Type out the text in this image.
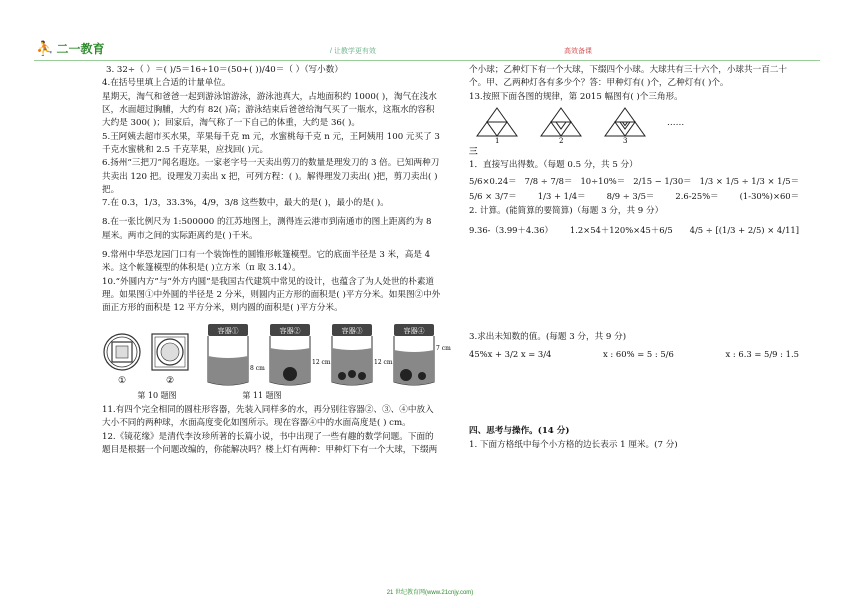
⛹ 二一教育	/ 让教学更有效	高效备课

3. 32÷（ ）＝( )/5＝16÷10＝(50+( ))/40＝（ ）（写小数）

4.在括号里填上合适的计量单位。

星期天，淘气和爸爸一起到游泳馆游泳，游泳池真大，占地面积约 1000( )，淘气在浅水区，水面超过胸脯，大约有 82( )高；游泳结束后爸爸给淘气买了一瓶水，这瓶水的容积大约是 300( )；回家后，淘气称了一下自己的体重，大约是 36( )。

5.王阿姨去超市买水果，苹果每千克 m 元，水蜜桃每千克 n 元，王阿姨用 100 元买了 3 千克水蜜桃和 2.5 千克苹果，应找回( )元。

6.扬州“三把刀”闻名遐迩。一家老字号一天卖出剪刀的数量是理发刀的 3 倍。已知两种刀共卖出 120 把。设理发刀卖出 x 把，可列方程：( )。解得理发刀卖出( )把，剪刀卖出( )把。

7.在 0.3，1/3，33.3%，4/9，3/8 这些数中，最大的是( )，最小的是( )。

8.在一张比例尺为 1:500000 的江苏地图上，测得连云港市到南通市的图上距离约为 8 厘米。两市之间的实际距离约是( )千米。

9.常州中华恐龙园门口有一个装饰性的圆锥形帐篷模型。它的底面半径是 3 米，高是 4 米。这个帐篷模型的体积是( )立方米（π 取 3.14）。

10.“外圆内方”与“外方内圆”是我国古代建筑中常见的设计，也蕴含了为人处世的朴素道理。如果图①中外圆的半径是 2 分米，则圆内正方形的面积是( )平方分米。如果图②中外面正方形的面积是 12 平方分米，则内圆的面积是( )平方分米。

①	②
容器①
8 cm
容器②
12 cm
容器③
12 cm
容器④
7 cm
第 10 题图	第 11 题图

11.有四个完全相同的圆柱形容器，先装入同样多的水，再分别往容器②、③、④中放入大小不同的两种球，水面高度变化如图所示。现在容器④中的水面高度是( ) cm。

12.《镜花缘》是清代李汝珍所著的长篇小说，书中出现了一些有趣的数学问题。下面的题目是根据一个问题改编的，你能解决吗？楼上灯有两种：甲种灯下有一个大球，下缀两

个小球；乙种灯下有一个大球，下缀四个小球。大球共有三十六个，小球共一百二十个。甲、乙两种灯各有多少个？答：甲种灯有( )个，乙种灯有( )个。

13.按照下面各图的规律，第 2015 幅图有( )个三角形。

1	2	3
……

三

1．直接写出得数。（每题 0.5 分，共 5 分）

5/6×0.24＝ 7/8 ÷ 7/8＝ 10÷10%＝ 2/15 − 1/30＝ 1/3 × 1/5 ÷ 1/3 × 1/5＝
5/6 × 3/7＝	1/3 + 1/4＝	8/9 ÷ 3/5＝	2.6-25%＝	(1-30%)×60＝

2. 计算。(能简算的要简算)（每题 3 分，共 9 分）

9.36-（3.99＋4.36） 1.2×54＋120%×45＋6/5 4/5 ÷ [(1/3 + 2/5) × 4/11]

3.求出未知数的值。(每题 3 分，共 9 分)

45%x + 3/2 x = 3/4	x : 60% = 5 : 5/6	x : 6.3 = 5/9 : 1.5

四、思考与操作。(14 分)

1. 下面方格纸中每个小方格的边长表示 1 厘米。(7 分)

21 世纪教育网(www.21cnjy.com)
